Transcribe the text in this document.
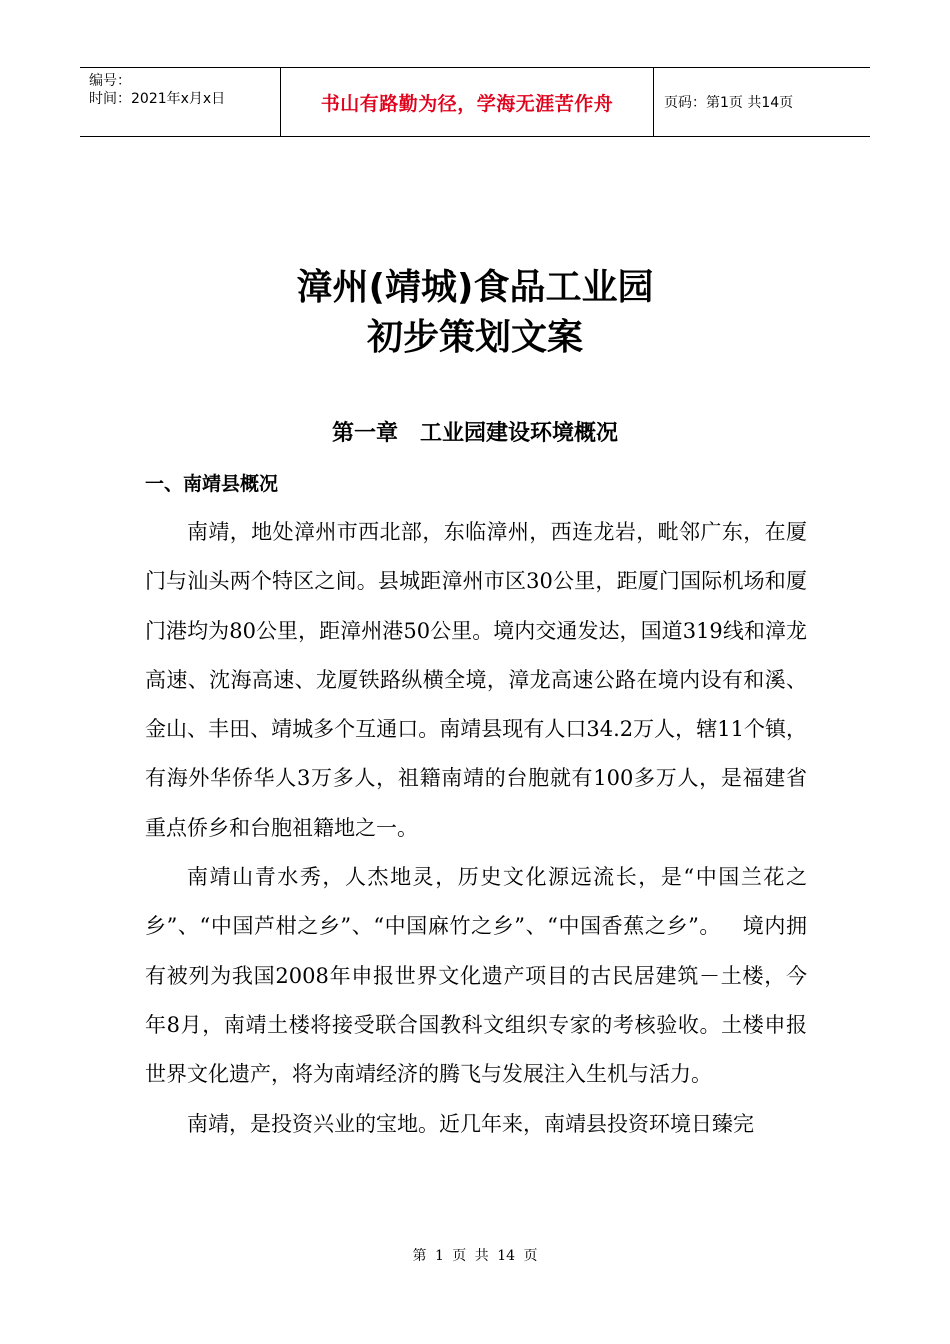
编号：
时间：2021年x月x日	书山有路勤为径，学海无涯苦作舟	页码：第1页 共14页
漳州(靖城)食品工业园
初步策划文案
第一章 工业园建设环境概况
一、南靖县概况

南靖，地处漳州市西北部，东临漳州，西连龙岩，毗邻广东，在厦门与汕头两个特区之间。县城距漳州市区30公里，距厦门国际机场和厦门港均为80公里，距漳州港50公里。境内交通发达，国道319线和漳龙高速、沈海高速、龙厦铁路纵横全境，漳龙高速公路在境内设有和溪、金山、丰田、靖城多个互通口。南靖县现有人口34.2万人，辖11个镇，有海外华侨华人3万多人，祖籍南靖的台胞就有100多万人，是福建省重点侨乡和台胞祖籍地之一。

南靖山青水秀，人杰地灵，历史文化源远流长，是“中国兰花之乡”、“中国芦柑之乡”、“中国麻竹之乡”、“中国香蕉之乡”。   境内拥有被列为我国2008年申报世界文化遗产项目的古民居建筑－土楼，今年8月，南靖土楼将接受联合国教科文组织专家的考核验收。土楼申报世界文化遗产，将为南靖经济的腾飞与发展注入生机与活力。

南靖，是投资兴业的宝地。近几年来，南靖县投资环境日臻完

第 1 页 共 14 页
